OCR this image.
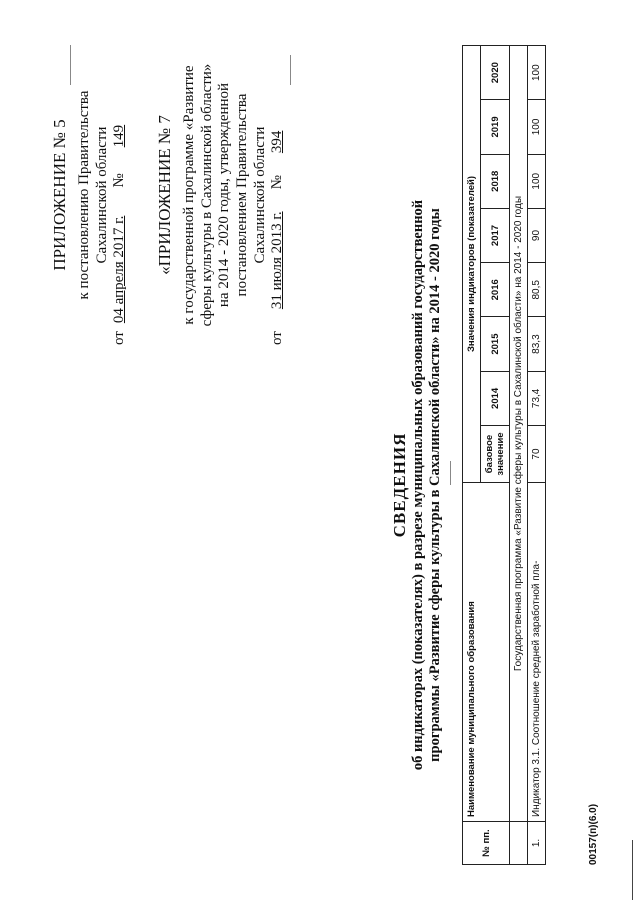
ПРИЛОЖЕНИЕ № 5 к постановлению Правительства Сахалинской области
от
04 апреля 2017 г.
№
149 «ПРИЛОЖЕНИЕ № 7 к государственной программе «Развитие сферы культуры в Сахалинской области» на 2014 - 2020 годы, утвержденной постановлением Правительства Сахалинской области
от
31 июля 2013 г.
№
394
СВЕДЕНИЯ об индикаторах (показателях) в разрезе муниципальных образований государственной программы «Развитие сферы культуры в Сахалинской области» на 2014 - 2020 годы
№ пп.	Наименование муниципального образования	Значения индикаторов (показателей)							
		базовое значение	2014	2015	2016	2017	2018	2019	2020
	Государственная программа «Развитие сферы культуры в Сахалинской области» на 2014 - 2020 годы								
1.	Индикатор 3.1. Соотношение средней заработной пла-	70	73,4	83,3	80,5	90	100	100	100
00157(п)(6.0)
